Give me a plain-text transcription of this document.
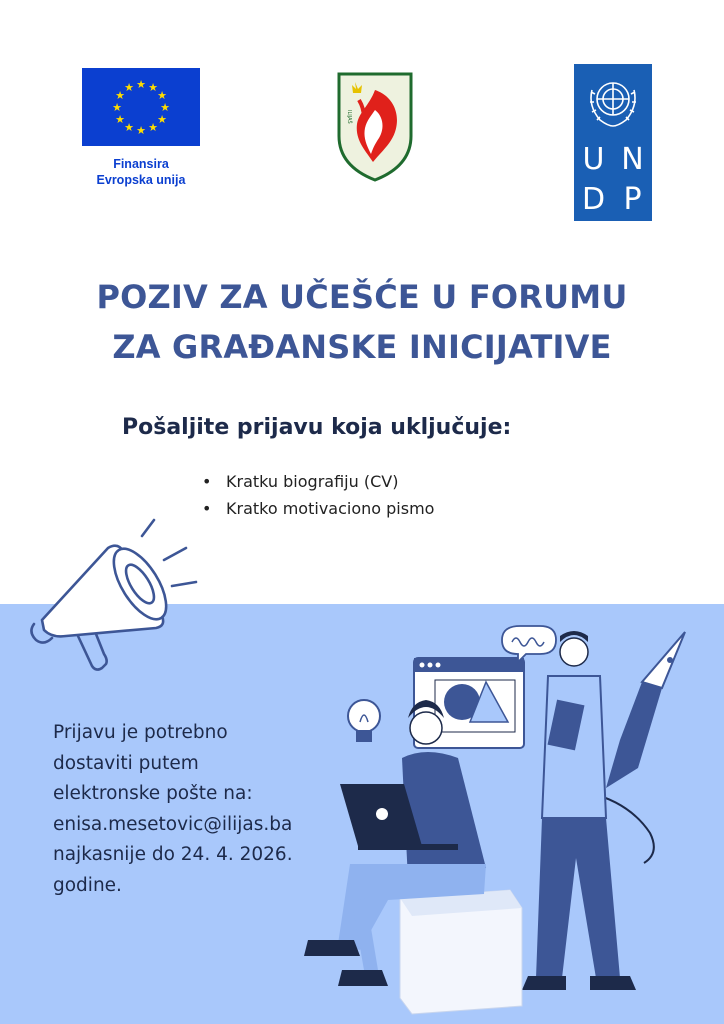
★ ★
★
★
★
★
★
★
★
★
★
★
Finansira
Evropska unija
ILIJAŠ
U N
D P
POZIV ZA UČEŠĆE U FORUMU
ZA GRAĐANSKE INICIJATIVE
Pošaljite prijavu koja uključuje:
• Kratku biografiju (CV)
• Kratko motivaciono pismo
Prijavu je potrebno
dostaviti putem
elektronske pošte na:
enisa.mesetovic@ilijas.ba
najkasnije do 24. 4. 2026.
godine.
